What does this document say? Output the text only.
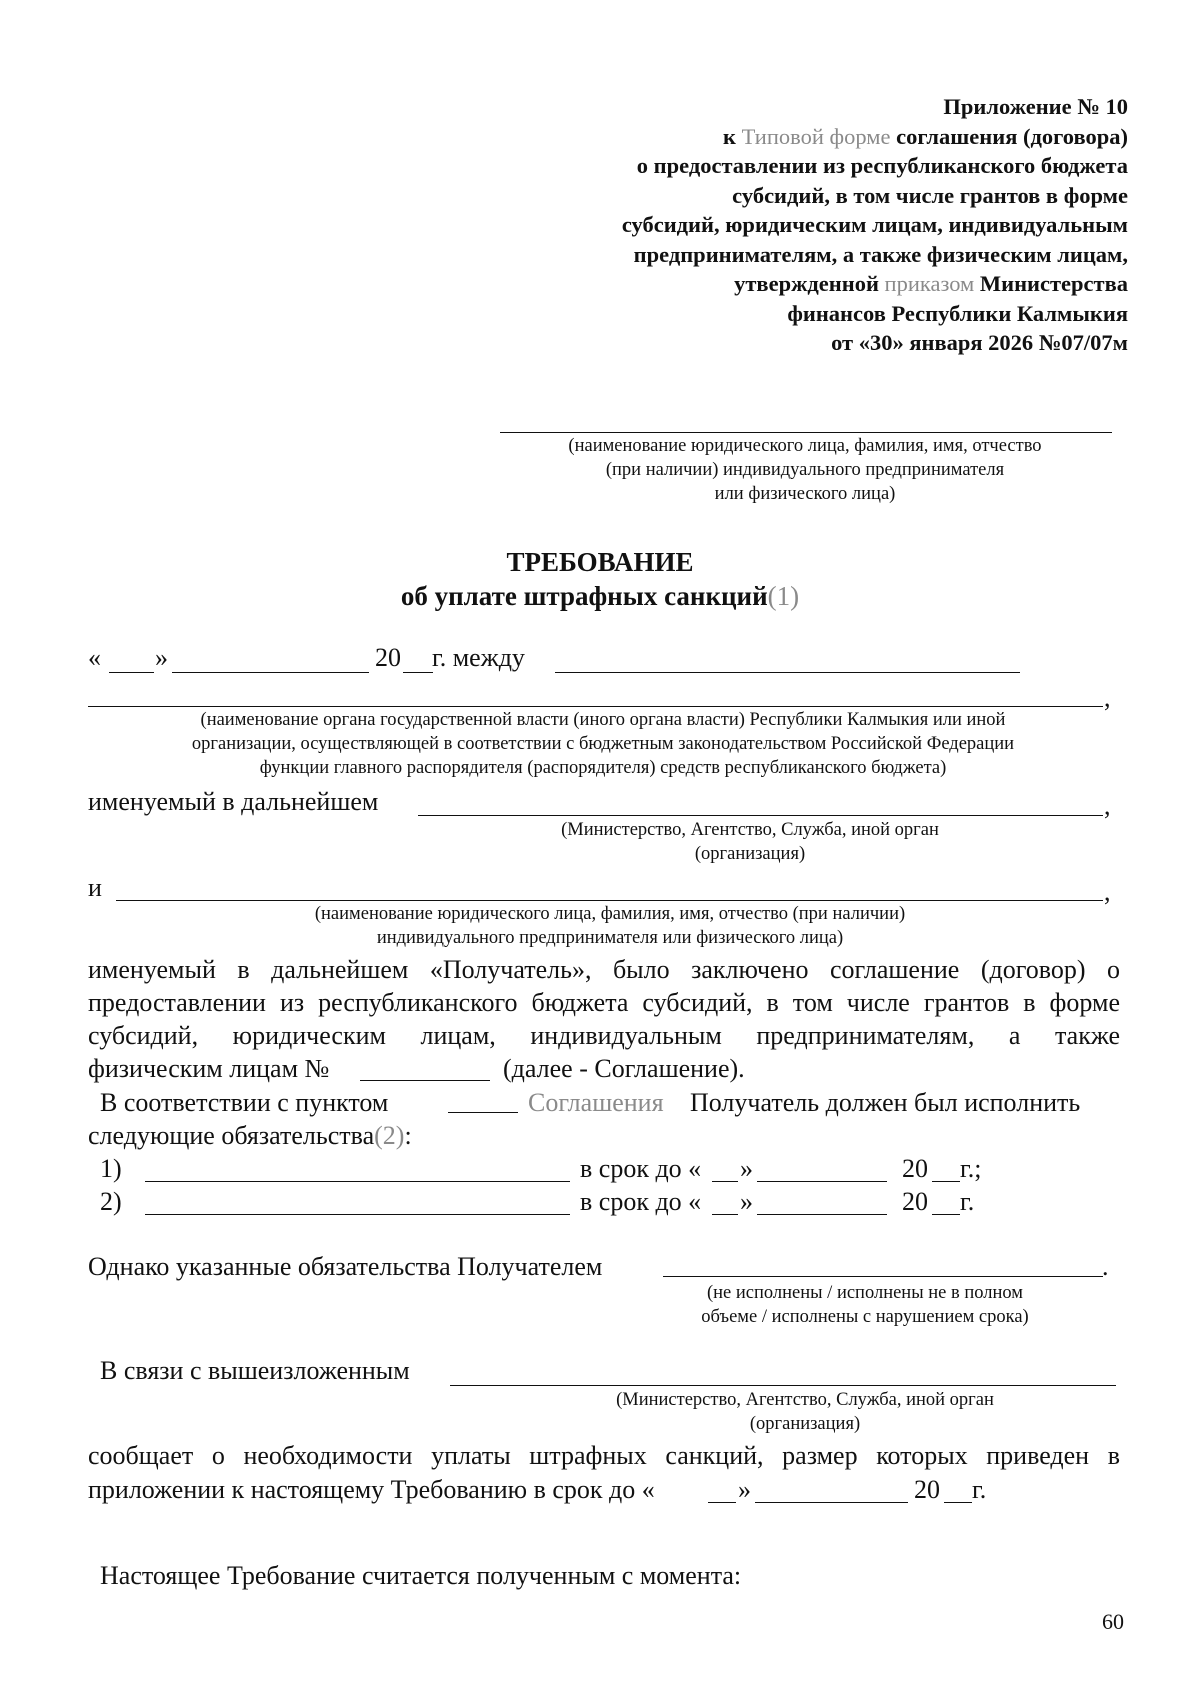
Приложение № 10
к Типовой форме соглашения (договора)
о предоставлении из республиканского бюджета
субсидий, в том числе грантов в форме
субсидий, юридическим лицам, индивидуальным
предпринимателям, а также физическим лицам,
утвержденной приказом Министерства
финансов Республики Калмыкия
от «30» января 2026 №07/07м
(наименование юридического лица, фамилия, имя, отчество
(при наличии) индивидуального предпринимателя
или физического лица)
ТРЕБОВАНИЕ
об уплате штрафных санкций(1)
« »	20 г. между
,
(наименование органа государственной власти (иного органа власти) Республики Калмыкия или иной
организации, осуществляющей в соответствии с бюджетным законодательством Российской Федерации
функции главного распорядителя (распорядителя) средств республиканского бюджета)
именуемый в дальнейшем	,
(Министерство, Агентство, Служба, иной орган
(организация)
и	,
(наименование юридического лица, фамилия, имя, отчество (при наличии)
индивидуального предпринимателя или физического лица)
именуемый в дальнейшем «Получатель», было заключено соглашение (договор) о
предоставлении из республиканского бюджета субсидий, в том числе грантов в форме
субсидий, юридическим лицам, индивидуальным предпринимателям, а также
физическим лицам №	(далее - Соглашение).
В соответствии с пунктом	Соглашения Получатель должен был исполнить
следующие обязательства(2):
1)	в срок до « »	20 г.;
2)	в срок до « »	20 г.
Однако указанные обязательства Получателем	.
(не исполнены / исполнены не в полном
объеме / исполнены с нарушением срока)
В связи с вышеизложенным
(Министерство, Агентство, Служба, иной орган
(организация)
сообщает о необходимости уплаты штрафных санкций, размер которых приведен в
приложении к настоящему Требованию в срок до «	»	20 г.
Настоящее Требование считается полученным с момента:
60
